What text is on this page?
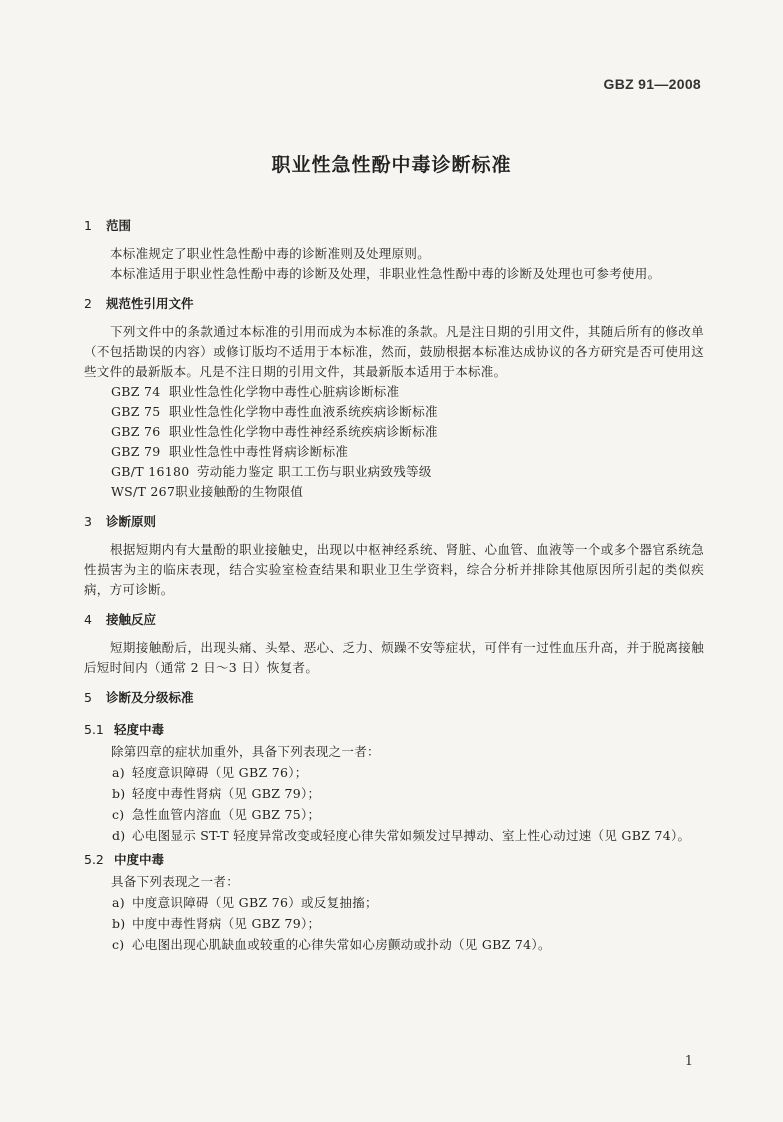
GBZ 91—2008
职业性急性酚中毒诊断标准

1 范围

本标准规定了职业性急性酚中毒的诊断准则及处理原则。

本标准适用于职业性急性酚中毒的诊断及处理，非职业性急性酚中毒的诊断及处理也可参考使用。

2 规范性引用文件

下列文件中的条款通过本标准的引用而成为本标准的条款。凡是注日期的引用文件，其随后所有的修改单（不包括勘误的内容）或修订版均不适用于本标准，然而，鼓励根据本标准达成协议的各方研究是否可使用这些文件的最新版本。凡是不注日期的引用文件，其最新版本适用于本标准。

GBZ 74 职业性急性化学物中毒性心脏病诊断标准

GBZ 75 职业性急性化学物中毒性血液系统疾病诊断标准

GBZ 76 职业性急性化学物中毒性神经系统疾病诊断标准

GBZ 79 职业性急性中毒性肾病诊断标准

GB/T 16180 劳动能力鉴定 职工工伤与职业病致残等级

WS/T 267职业接触酚的生物限值

3 诊断原则

根据短期内有大量酚的职业接触史，出现以中枢神经系统、肾脏、心血管、血液等一个或多个器官系统急性损害为主的临床表现，结合实验室检查结果和职业卫生学资料，综合分析并排除其他原因所引起的类似疾病，方可诊断。

4 接触反应

短期接触酚后，出现头痛、头晕、恶心、乏力、烦躁不安等症状，可伴有一过性血压升高，并于脱离接触后短时间内（通常 2 日～3 日）恢复者。

5 诊断及分级标准

5.1 轻度中毒

除第四章的症状加重外，具备下列表现之一者：

a) 轻度意识障碍（见 GBZ 76）；

b) 轻度中毒性肾病（见 GBZ 79）；

c) 急性血管内溶血（见 GBZ 75）；

d) 心电图显示 ST-T 轻度异常改变或轻度心律失常如频发过早搏动、室上性心动过速（见 GBZ 74）。

5.2 中度中毒

具备下列表现之一者：

a) 中度意识障碍（见 GBZ 76）或反复抽搐；

b) 中度中毒性肾病（见 GBZ 79）；

c) 心电图出现心肌缺血或较重的心律失常如心房颤动或扑动（见 GBZ 74）。

1
